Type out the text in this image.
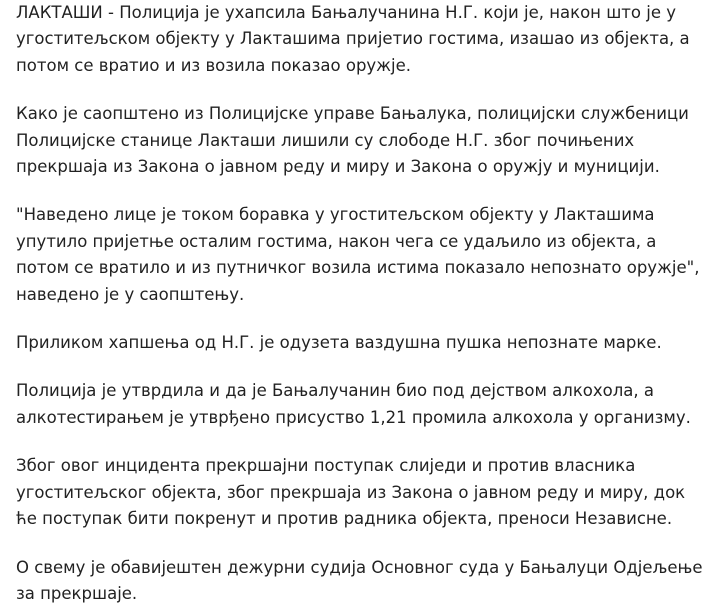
ЛАКТАШИ - Полиција је ухапсила Бањалучанина Н.Г. који је, након што је у угоститељском објекту у Лакташима пријетио гостима, изашао из објекта, а потом се вратио и из возила показао оружје.

Како је саопштено из Полицијске управе Бањалука, полицијски службеници Полицијске станице Лакташи лишили су слободе Н.Г. због почињених прекршаја из Закона о јавном реду и миру и Закона о оружју и муницији.

"Наведено лице је током боравка у угоститељском објекту у Лакташима упутило пријетње осталим гостима, након чега се удаљило из објекта, а потом се вратило и из путничког возила истима показало непознато оружје", наведено је у саопштењу.

Приликом хапшења од Н.Г. је одузета ваздушна пушка непознате марке.

Полиција је утврдила и да је Бањалучанин био под дејством алкохола, а алкотестирањем је утврђено присуство 1,21 промила алкохола у организму.

Због овог инцидента прекршајни поступак слиједи и против власника угоститељског објекта, због прекршаја из Закона о јавном реду и миру, док ће поступак бити покренут и против радника објекта, преноси Независне.

О свему је обавијештен дежурни судија Основног суда у Бањалуци Одјељење за прекршаје.
